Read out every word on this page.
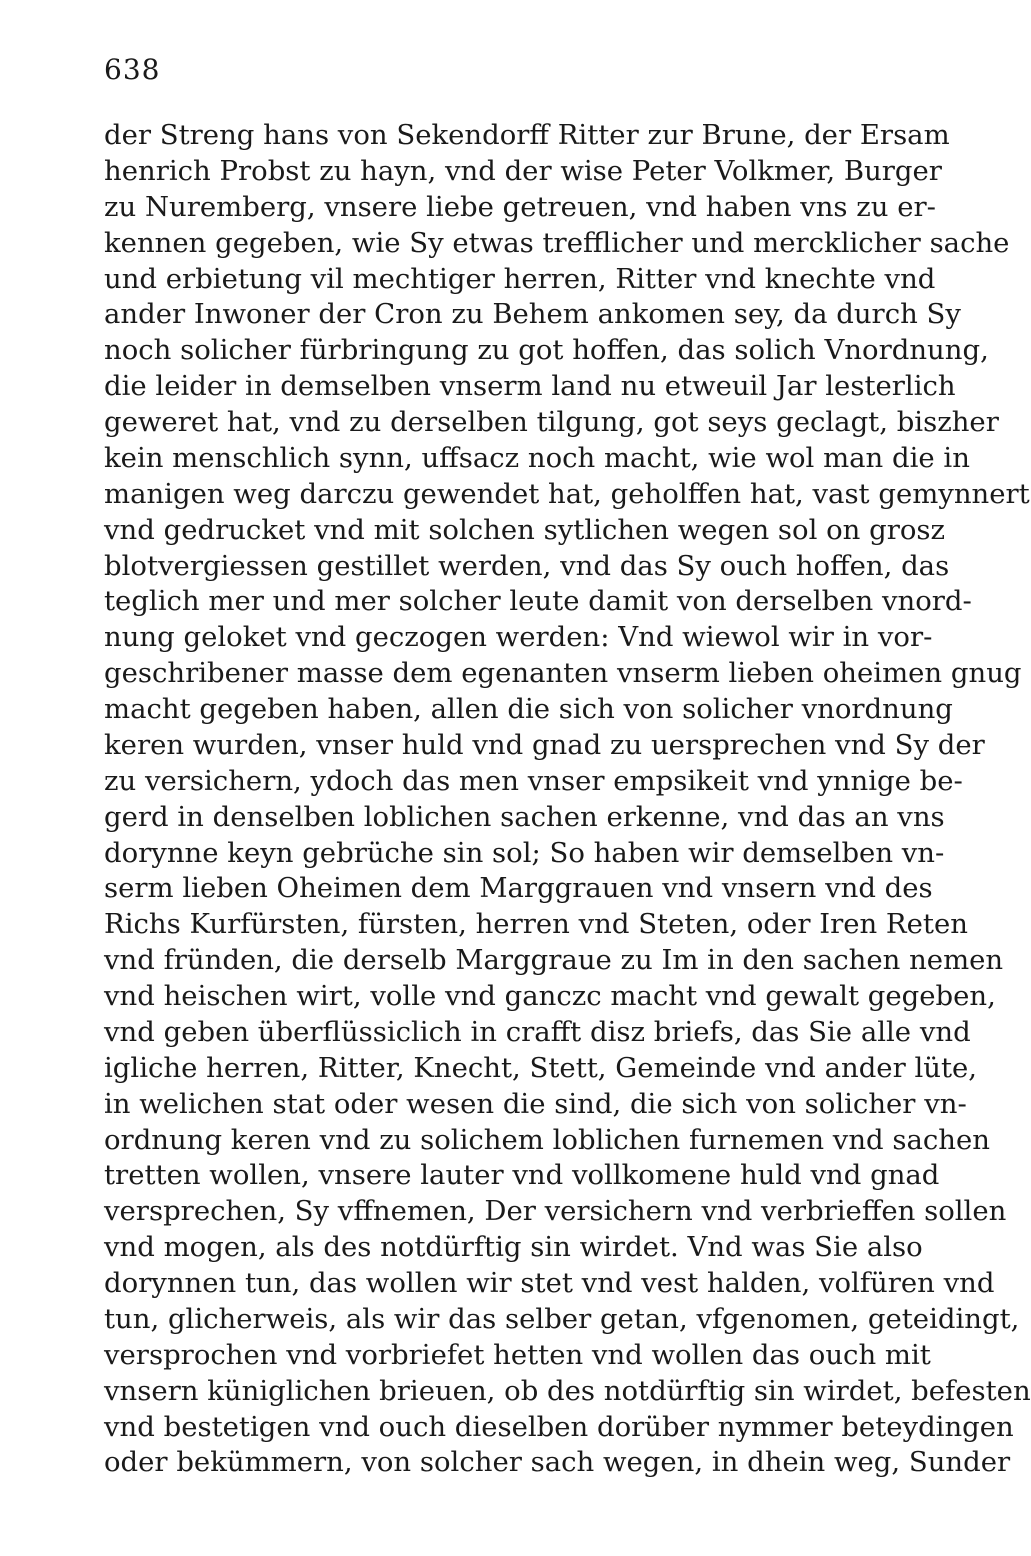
638
der Streng hans von Sekendorff Ritter zur Brune, der Ersam
henrich Probst zu hayn, vnd der wise Peter Volkmer, Burger
zu Nuremberg, vnsere liebe getreuen, vnd haben vns zu er-
kennen gegeben, wie Sy etwas trefflicher und mercklicher sache
und erbietung vil mechtiger herren, Ritter vnd knechte vnd
ander Inwoner der Cron zu Behem ankomen sey, da durch Sy
noch solicher fürbringung zu got hoffen, das solich Vnordnung,
die leider in demselben vnserm land nu etweuil Jar lesterlich
geweret hat, vnd zu derselben tilgung, got seys geclagt, biszher
kein menschlich synn, uffsacz noch macht, wie wol man die in
manigen weg darczu gewendet hat, geholffen hat, vast gemynnert
vnd gedrucket vnd mit solchen sytlichen wegen sol on grosz
blotvergiessen gestillet werden, vnd das Sy ouch hoffen, das
teglich mer und mer solcher leute damit von derselben vnord-
nung geloket vnd geczogen werden: Vnd wiewol wir in vor-
geschribener masse dem egenanten vnserm lieben oheimen gnug
macht gegeben haben, allen die sich von solicher vnordnung
keren wurden, vnser huld vnd gnad zu uersprechen vnd Sy der
zu versichern, ydoch das men vnser empsikeit vnd ynnige be-
gerd in denselben loblichen sachen erkenne, vnd das an vns
dorynne keyn gebrüche sin sol; So haben wir demselben vn-
serm lieben Oheimen dem Marggrauen vnd vnsern vnd des
Richs Kurfürsten, fürsten, herren vnd Steten, oder Iren Reten
vnd fründen, die derselb Marggraue zu Im in den sachen nemen
vnd heischen wirt, volle vnd ganczc macht vnd gewalt gegeben,
vnd geben überflüssiclich in crafft disz briefs, das Sie alle vnd
igliche herren, Ritter, Knecht, Stett, Gemeinde vnd ander lüte,
in welichen stat oder wesen die sind, die sich von solicher vn-
ordnung keren vnd zu solichem loblichen furnemen vnd sachen
tretten wollen, vnsere lauter vnd vollkomene huld vnd gnad
versprechen, Sy vffnemen, Der versichern vnd verbrieffen sollen
vnd mogen, als des notdürftig sin wirdet. Vnd was Sie also
dorynnen tun, das wollen wir stet vnd vest halden, volfüren vnd
tun, glicherweis, als wir das selber getan, vfgenomen, geteidingt,
versprochen vnd vorbriefet hetten vnd wollen das ouch mit
vnsern küniglichen brieuen, ob des notdürftig sin wirdet, befesten
vnd bestetigen vnd ouch dieselben dorüber nymmer beteydingen
oder bekümmern, von solcher sach wegen, in dhein weg, Sunder
